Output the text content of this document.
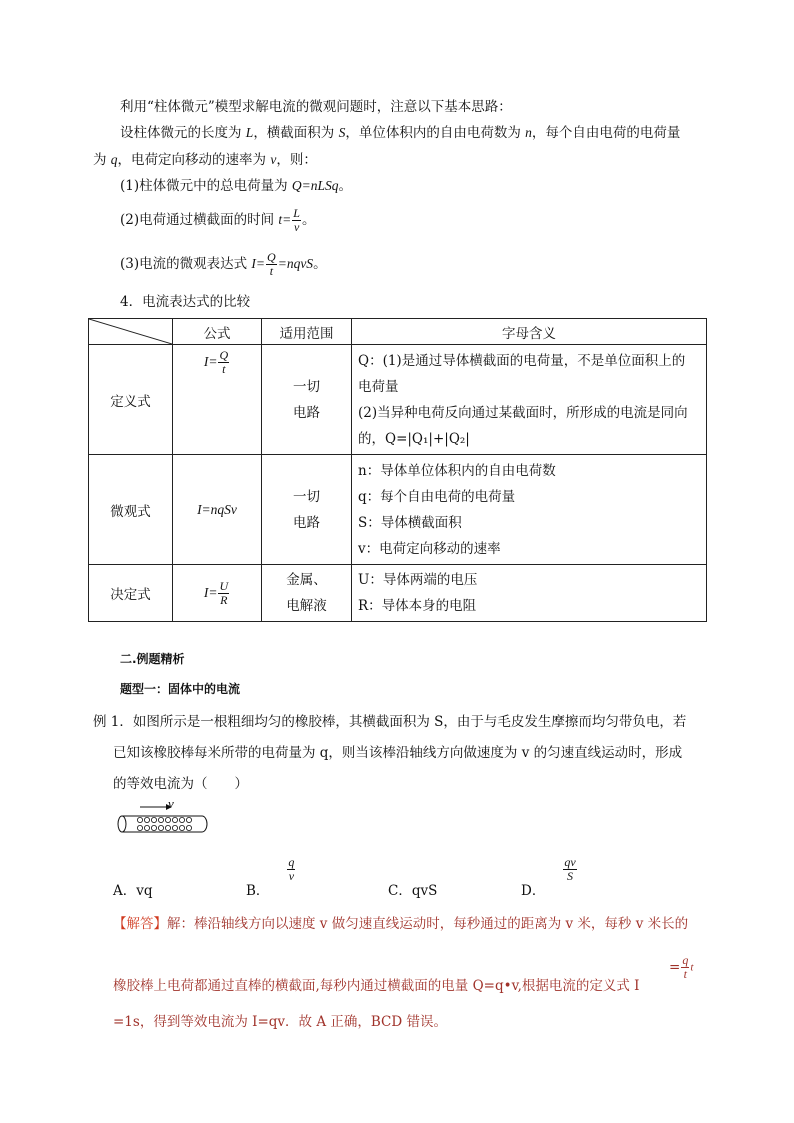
利用“柱体微元”模型求解电流的微观问题时，注意以下基本思路：
设柱体微元的长度为 L，横截面积为 S，单位体积内的自由电荷数为 n，每个自由电荷的电荷量
为 q，电荷定向移动的速率为 v，则：
(1)柱体微元中的总电荷量为 Q=nLSq。
(2)电荷通过横截面的时间 $t= \frac{L}{v}$ 。
(3)电流的微观表达式 $I= \frac{Q}{t}$ =nqvS。
4．电流表达式的比较
	公式	适用范围	字母含义
定义式	$I= \frac{Q}{t}$	一切
电路	Q：(1)是通过导体横截面的电荷量，不是单位面积上的
电荷量
(2)当异种电荷反向通过某截面时，所形成的电流是同向
的，Q=|Q₁|+|Q₂|

微观式	I=nqSv	一切
电路	n：导体单位体积内的自由电荷数
q：每个自由电荷的电荷量
S：导体横截面积
v：电荷定向移动的速率

决定式	$I= \frac{U}{R}$	金属、
电解液	U：导体两端的电压
R：导体本身的电阻
二.例题精析
题型一：固体中的电流
例 1．如图所示是一根粗细均匀的橡胶棒，其横截面积为 S，由于与毛皮发生摩擦而均匀带负电，若
已知该橡胶棒每米所带的电荷量为 q，则当该棒沿轴线方向做速度为 v 的匀速直线运动时，形成
的等效电流为（　　）
v
A．vq	B．
$\frac{q}{v}$
C．qvS	D．
$\frac{qv}{S}$
【解答】解：棒沿轴线方向以速度 v 做匀速直线运动时，每秒通过的距离为 v 米，每秒 v 米长的
橡胶棒上电荷都通过直棒的横截面,每秒内通过横截面的电量 Q=q•v,根据电流的定义式 I
= $\frac{q}{t}$ t
=1s，得到等效电流为 I=qv．故 A 正确，BCD 错误。
